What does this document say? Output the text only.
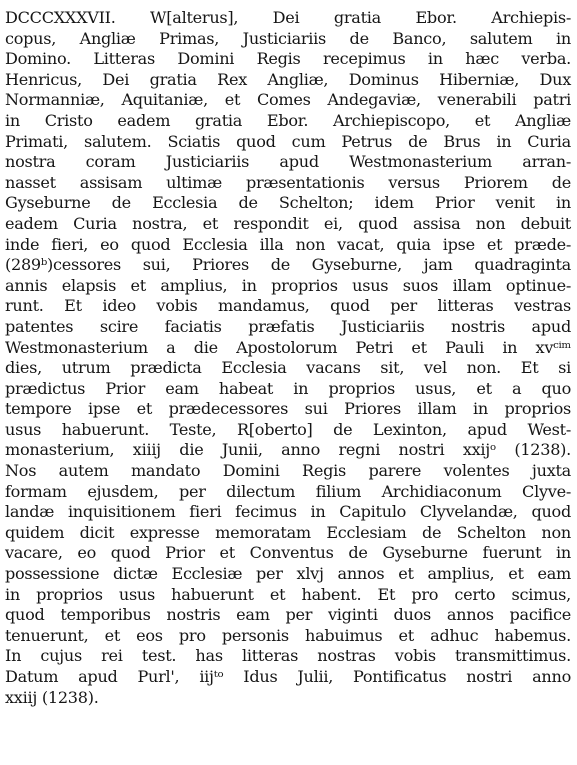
DCCCXXXVII. W[alterus], Dei gratia Ebor. Archiepis-
copus, Angliæ Primas, Justiciariis de Banco, salutem in
Domino. Litteras Domini Regis recepimus in hæc verba.
Henricus, Dei gratia Rex Angliæ, Dominus Hiberniæ, Dux
Normanniæ, Aquitaniæ, et Comes Andegaviæ, venerabili patri
in Cristo eadem gratia Ebor. Archiepiscopo, et Angliæ
Primati, salutem. Sciatis quod cum Petrus de Brus in Curia
nostra coram Justiciariis apud Westmonasterium arran-
nasset assisam ultimæ præsentationis versus Priorem de
Gyseburne de Ecclesia de Schelton; idem Prior venit in
eadem Curia nostra, et respondit ei, quod assisa non debuit
inde fieri, eo quod Ecclesia illa non vacat, quia ipse et præde-
(289ᵇ)cessores sui, Priores de Gyseburne, jam quadraginta
annis elapsis et amplius, in proprios usus suos illam optinue-
runt. Et ideo vobis mandamus, quod per litteras vestras
patentes scire faciatis præfatis Justiciariis nostris apud
Westmonasterium a die Apostolorum Petri et Pauli in xvᶜⁱᵐ
dies, utrum prædicta Ecclesia vacans sit, vel non. Et si
prædictus Prior eam habeat in proprios usus, et a quo
tempore ipse et prædecessores sui Priores illam in proprios
usus habuerunt. Teste, R[oberto] de Lexinton, apud West-
monasterium, xiiij die Junii, anno regni nostri xxijᵒ (1238).
Nos autem mandato Domini Regis parere volentes juxta
formam ejusdem, per dilectum filium Archidiaconum Clyve-
landæ inquisitionem fieri fecimus in Capitulo Clyvelandæ, quod
quidem dicit expresse memoratam Ecclesiam de Schelton non
vacare, eo quod Prior et Conventus de Gyseburne fuerunt in
possessione dictæ Ecclesiæ per xlvj annos et amplius, et eam
in proprios usus habuerunt et habent. Et pro certo scimus,
quod temporibus nostris eam per viginti duos annos pacifice
tenuerunt, et eos pro personis habuimus et adhuc habemus.
In cujus rei test. has litteras nostras vobis transmittimus.
Datum apud Purl', iijᵗᵒ Idus Julii, Pontificatus nostri anno
xxiij (1238).
